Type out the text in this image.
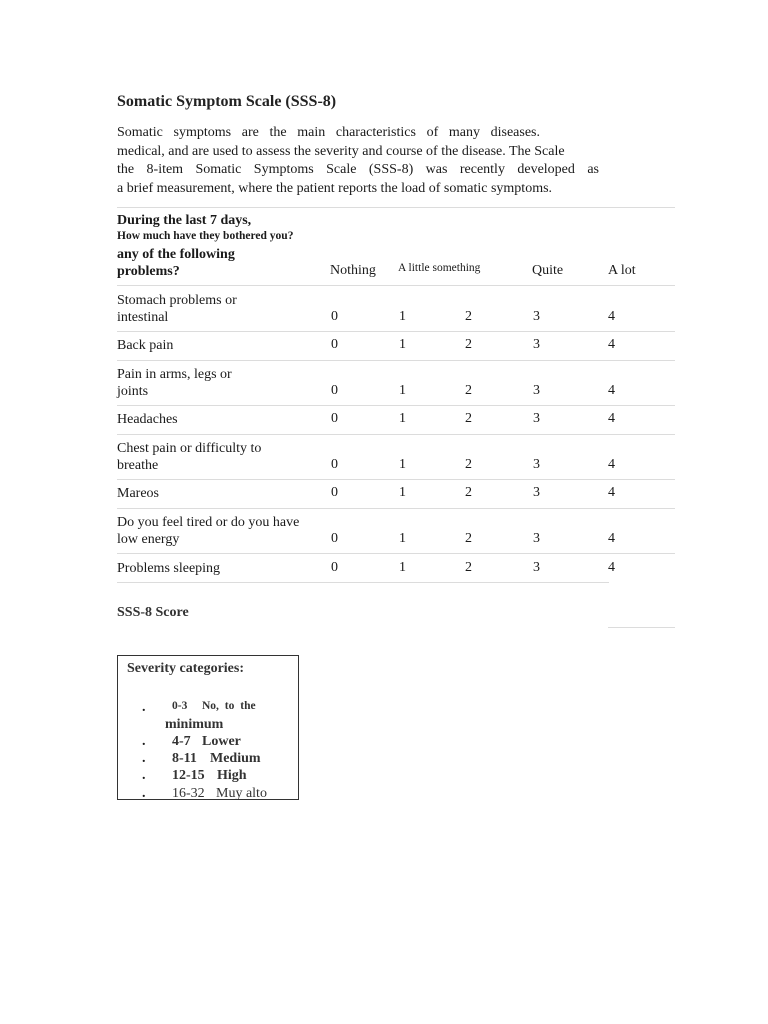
Somatic Symptom Scale (SSS-8)
Somatic symptoms are the main characteristics of many diseases.
medical, and are used to assess the severity and course of the disease. The Scale
the 8-item Somatic Symptoms Scale (SSS-8) was recently developed as
a brief measurement, where the patient reports the load of somatic symptoms.
During the last 7 days,
How much have they bothered you?
any of the following problems?	Nothing A little something	Quite	A lot
Stomach problems or intestinal	0	1	2	3	4
Back pain	0	1	2	3	4
Pain in arms, legs or joints	0	1	2	3	4
Headaches	0	1	2	3	4
Chest pain or difficulty to breathe	0	1	2	3	4
Mareos	0	1	2	3	4
Do you feel tired or do you have low energy	0	1	2	3	4
Problems sleeping	0	1	2	3	4
SSS-8 Score
Severity categories:
. 0-3 No, to the
minimum
. 4-7 Lower
. 8-11 Medium
. 12-15 High
. 16-32 Muy alto
